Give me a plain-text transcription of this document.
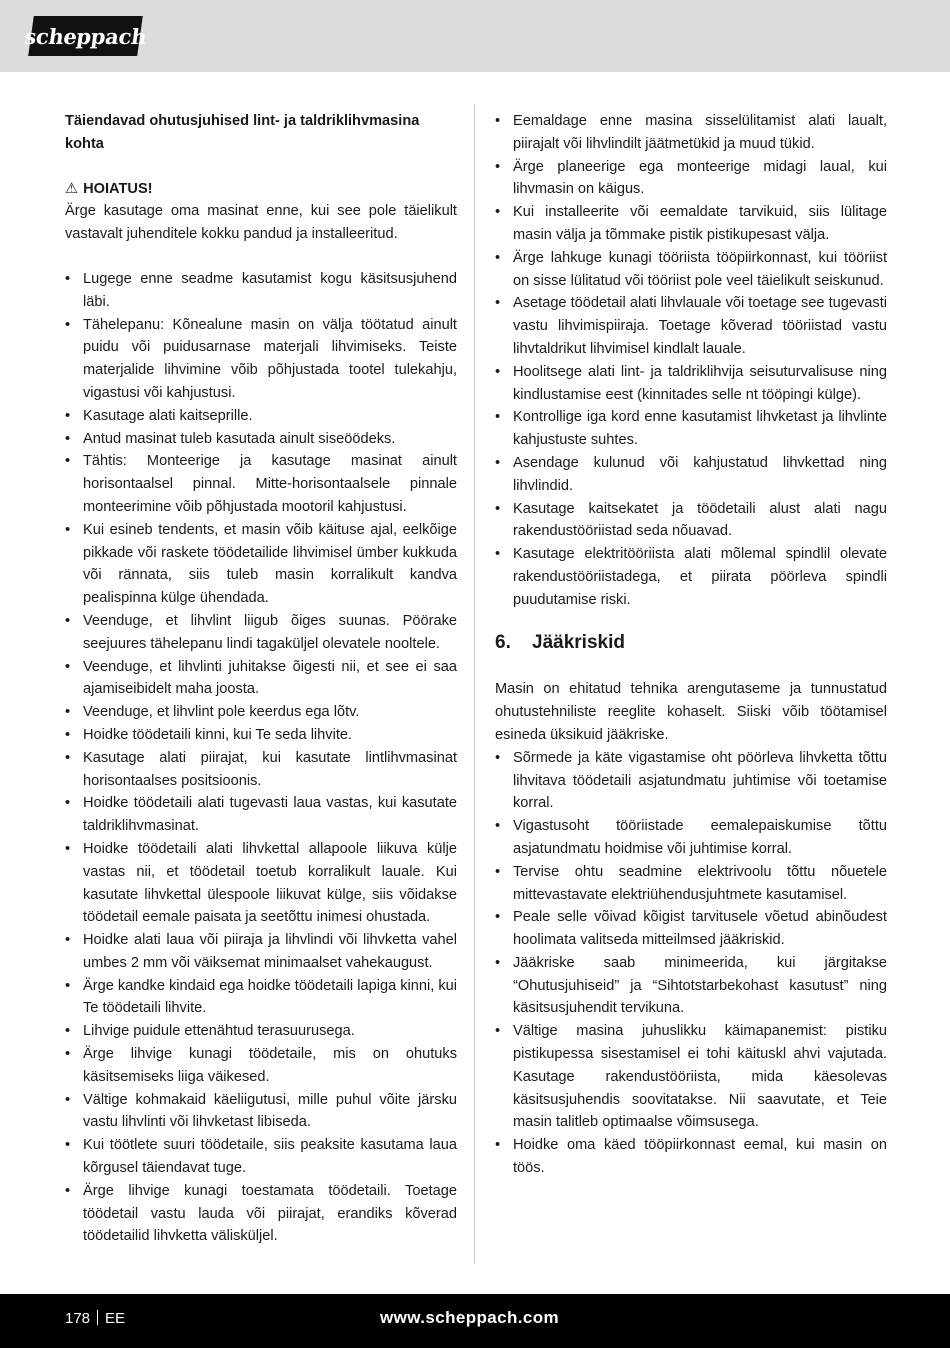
scheppach

Täiendavad ohutusjuhised lint- ja taldriklihvmasina kohta

⚠ HOIATUS!

Ärge kasutage oma masinat enne, kui see pole täielikult vastavalt juhenditele kokku pandud ja installeeritud.

• Lugege enne seadme kasutamist kogu käsitsusjuhend läbi.
• Tähelepanu: Kõnealune masin on välja töötatud ainult puidu või puidusarnase materjali lihvimiseks. Teiste materjalide lihvimine võib põhjustada tootel tulekahju, vigastusi või kahjustusi.
• Kasutage alati kaitseprille.
• Antud masinat tuleb kasutada ainult siseöödeks.
• Tähtis: Monteerige ja kasutage masinat ainult horisontaalsel pinnal. Mitte-horisontaalsele pinnale monteerimine võib põhjustada mootoril kahjustusi.
• Kui esineb tendents, et masin võib käituse ajal, eelkõige pikkade või raskete töödetailide lihvimisel ümber kukkuda või rännata, siis tuleb masin korralikult kandva pealispinna külge ühendada.
• Veenduge, et lihvlint liigub õiges suunas. Pöörake seejuures tähelepanu lindi tagaküljel olevatele nooltele.
• Veenduge, et lihvlinti juhitakse õigesti nii, et see ei saa ajamiseibidelt maha joosta.
• Veenduge, et lihvlint pole keerdus ega lõtv.
• Hoidke töödetaili kinni, kui Te seda lihvite.
• Kasutage alati piirajat, kui kasutate lintlihvmasinat horisontaalses positsioonis.
• Hoidke töödetaili alati tugevasti laua vastas, kui kasutate taldriklihvmasinat.
• Hoidke töödetaili alati lihvkettal allapoole liikuva külje vastas nii, et töödetail toetub korralikult lauale. Kui kasutate lihvkettal ülespoole liikuvat külge, siis võidakse töödetail eemale paisata ja seetõttu inimesi ohustada.
• Hoidke alati laua või piiraja ja lihvlindi või lihvketta vahel umbes 2 mm või väiksemat minimaalset vahekaugust.
• Ärge kandke kindaid ega hoidke töödetaili lapiga kinni, kui Te töödetaili lihvite.
• Lihvige puidule ettenähtud terasuurusega.
• Ärge lihvige kunagi töödetaile, mis on ohutuks käsitsemiseks liiga väikesed.
• Vältige kohmakaid käeliigutusi, mille puhul võite järsku vastu lihvlinti või lihvketast libiseda.
• Kui töötlete suuri töödetaile, siis peaksite kasutama laua kõrgusel täiendavat tuge.
• Ärge lihvige kunagi toestamata töödetaili. Toetage töödetail vastu lauda või piirajat, erandiks kõverad töödetailid lihvketta välisküljel.
• Eemaldage enne masina sisselülitamist alati laualt, piirajalt või lihvlindilt jäätmetükid ja muud tükid.
• Ärge planeerige ega monteerige midagi laual, kui lihvmasin on käigus.
• Kui installeerite või eemaldate tarvikuid, siis lülitage masin välja ja tõmmake pistik pistikupesast välja.
• Ärge lahkuge kunagi tööriista tööpiirkonnast, kui tööriist on sisse lülitatud või tööriist pole veel täielikult seiskunud.
• Asetage töödetail alati lihvlauale või toetage see tugevasti vastu lihvimispiiraja. Toetage kõverad tööriistad vastu lihvtaldrikut lihvimisel kindlalt lauale.
• Hoolitsege alati lint- ja taldriklihvija seisuturvalisuse ning kindlustamise eest (kinnitades selle nt tööpingi külge).
• Kontrollige iga kord enne kasutamist lihvketast ja lihvlinte kahjustuste suhtes.
• Asendage kulunud või kahjustatud lihvkettad ning lihvlindid.
• Kasutage kaitsekatet ja töödetaili alust alati nagu rakendustööriistad seda nõuavad.
• Kasutage elektritööriista alati mõlemal spindlil olevate rakendustööriistadega, et piirata pöörleva spindli puudutamise riski.
6. Jääkriskid

Masin on ehitatud tehnika arengutaseme ja tunnustatud ohutustehniliste reeglite kohaselt. Siiski võib töötamisel esineda üksikuid jääkriske.

• Sõrmede ja käte vigastamise oht pöörleva lihvketta tõttu lihvitava töödetaili asjatundmatu juhtimise või toetamise korral.
• Vigastusoht tööriistade eemalepaiskumise tõttu asjatundmatu hoidmise või juhtimise korral.
• Tervise ohtu seadmine elektrivoolu tõttu nõuetele mittevastavate elektriühendusjuhtmete kasutamisel.
• Peale selle võivad kõigist tarvitusele võetud abinõudest hoolimata valitseda mitteilmsed jääkriskid.
• Jääkriske saab minimeerida, kui järgitakse “Ohutusjuhiseid” ja “Sihtotstarbekohast kasutust” ning käsitsusjuhendit tervikuna.
• Vältige masina juhuslikku käimapanemist: pistiku pistikupessa sisestamisel ei tohi käituskl ahvi vajutada. Kasutage rakendustööriista, mida käesolevas käsitsusjuhendis soovitatakse. Nii saavutate, et Teie masin talitleb optimaalse võimsusega.
• Hoidke oma käed tööpiirkonnast eemal, kui masin on töös.
178 EE	www.scheppach.com
